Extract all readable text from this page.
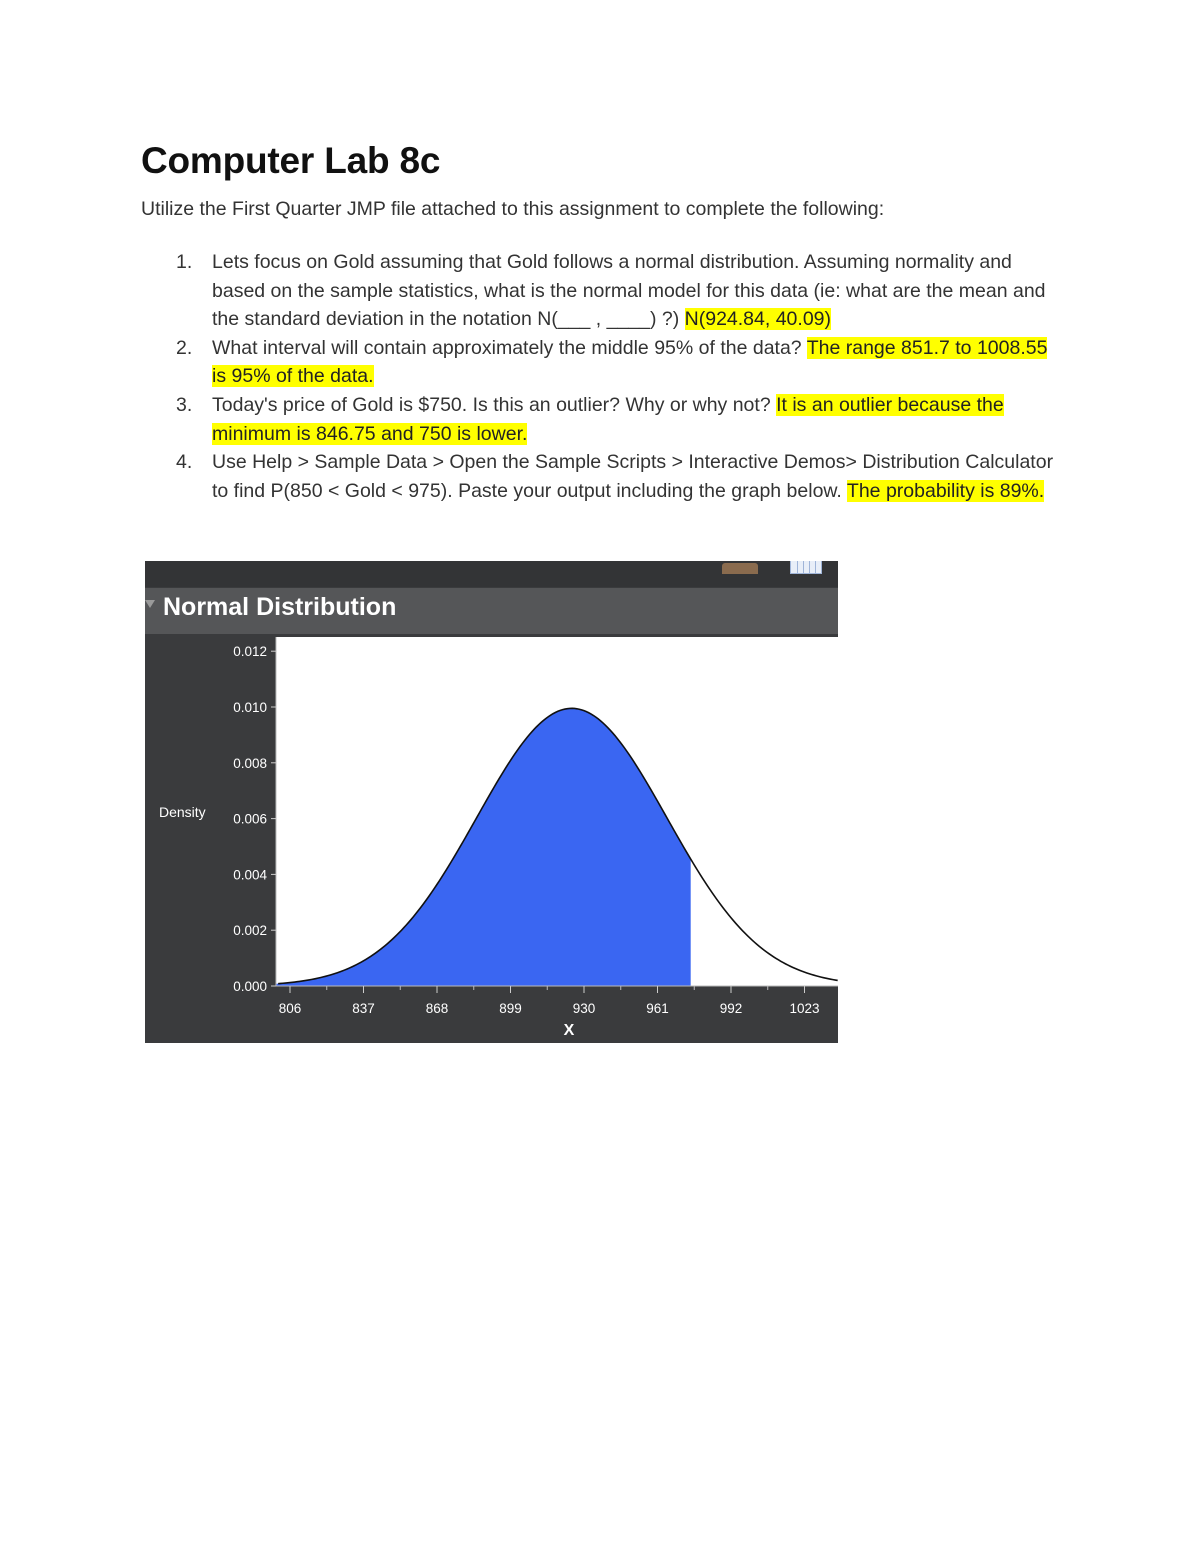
Computer Lab 8c

Utilize the First Quarter JMP file attached to this assignment to complete the following:

1. Lets focus on Gold assuming that Gold follows a normal distribution. Assuming normality and based on the sample statistics, what is the normal model for this data (ie: what are the mean and the standard deviation in the notation N(___ , ____) ?) N(924.84, 40.09)
2. What interval will contain approximately the middle 95% of the data? The range 851.7 to 1008.55 is 95% of the data.
3. Today's price of Gold is $750. Is this an outlier? Why or why not? It is an outlier because the minimum is 846.75 and 750 is lower.
4. Use Help > Sample Data > Open the Sample Scripts > Interactive Demos> Distribution Calculator to find P(850 < Gold < 975). Paste your output including the graph below. The probability is 89%.
Normal Distribution
0.000
0.002
0.004
0.006
0.008
0.010
0.012
806	837	868	899	930	961	992	1023
Density
X
